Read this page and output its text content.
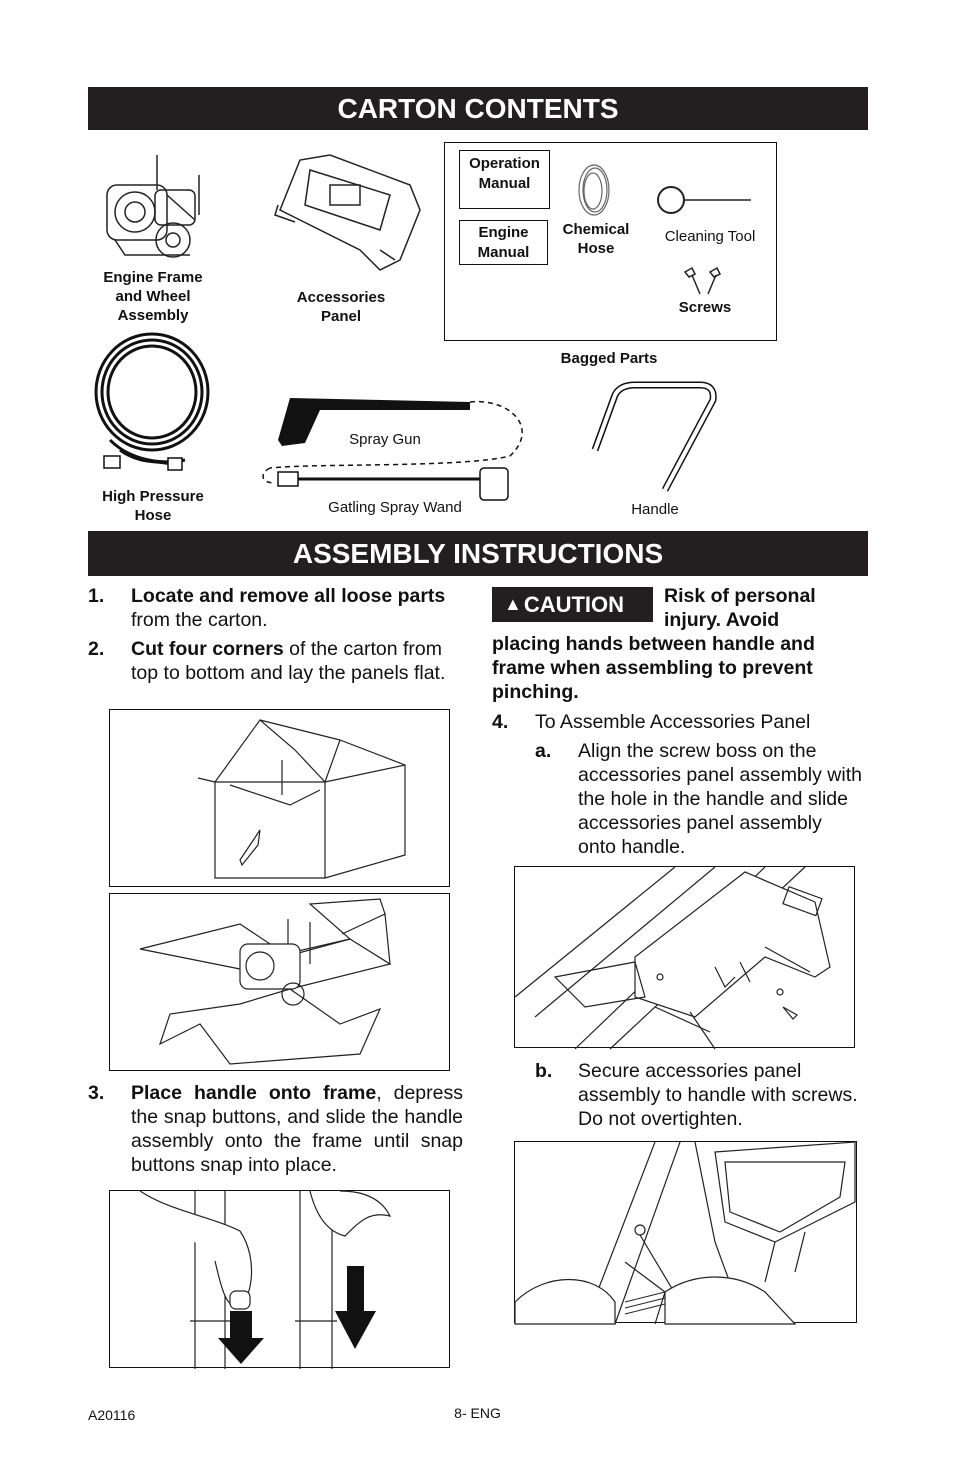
CARTON CONTENTS
Engine Frame and Wheel Assembly
Accessories Panel
Operation Manual
Engine Manual
Chemical Hose
Cleaning Tool
Screws
Bagged Parts
High Pressure Hose
Spray Gun
Gatling Spray Wand	Handle
ASSEMBLY INSTRUCTIONS
1. Locate and remove all loose parts from the carton.
2. Cut four corners of the carton from top to bottom and lay the panels flat.
3. Place handle onto frame, depress the snap buttons, and slide the handle assembly onto the frame until snap buttons snap into place.
▲CAUTION	Risk of personal injury. Avoid
placing hands between handle and frame when assembling to prevent pinching.
4. To Assemble Accessories Panel
a. Align the screw boss on the accessories panel assembly with the hole in the handle and slide accessories panel assembly onto handle.
b. Secure accessories panel assembly to handle with screws. Do not overtighten.
A20116	8- ENG
